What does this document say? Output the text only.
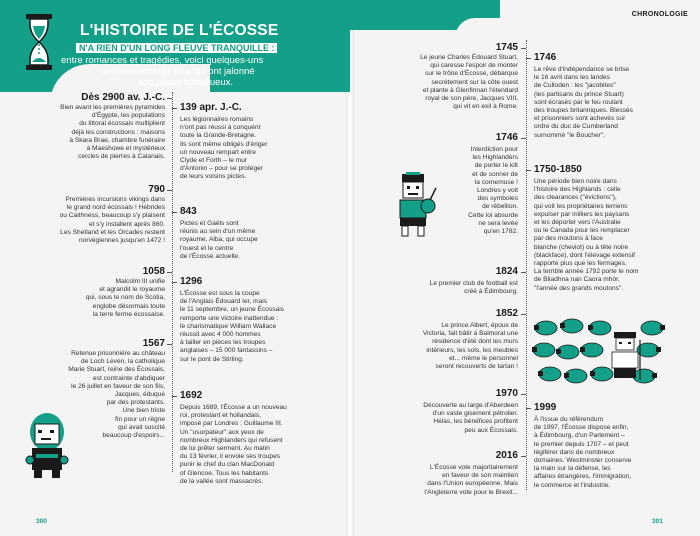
L'HISTOIRE DE L'ÉCOSSE
N'A RIEN D'UN LONG FLEUVE TRANQUILLE :
entre romances et tragédies, voici quelques-uns
des événements clés qui ont jalonné
son passé tumultueux.
CHRONOLOGIE
Dès 2900 av. J.-C.
Bien avant les premières pyramides
d'Égypte, les populations
du littoral écossais multiplient
déjà les constructions : maisons
à Skara Brae, chambre funéraire
à Maeshowe et mystérieux
cercles de pierres à Calanais.
790
Premières incursions vikings dans
le grand nord écossais ! Hébrides
ou Caithness, beaucoup s'y plaisent
et s'y installent après 860.
Les Shetland et les Orcades restent
norvégiennes jusqu'en 1472 !
1058
Malcolm III unifie
et agrandit le royaume
qui, sous le nom de Scotia,
englobe désormais toute
la terre ferme écossaise.
1567
Retenue prisonnière au château
de Loch Leven, la catholique
Marie Stuart, reine des Écossais,
est contrainte d'abdiquer
le 26 juillet en faveur de son fils,
Jacques, éduqué
par des protestants.
Une bien triste
fin pour un règne
qui avait suscité
beaucoup d'espoirs...
139 apr. J.-C.
Les légionnaires romains
n'ont pas réussi à conquérir
toute la Grande-Bretagne.
Ils sont même obligés d'ériger
un nouveau rempart entre
Clyde et Forth – le mur
d'Antonin – pour se protéger
de leurs voisins pictes.
843
Pictes et Gaëls sont
réunis au sein d'un même
royaume, Alba, qui occupe
l'ouest et le centre
de l'Écosse actuelle.
1296
L'Écosse est sous la coupe
de l'Anglais Édouard Ier, mais
le 11 septembre, un jeune Écossais
remporte une victoire inattendue :
le charismatique William Wallace
réussit avec 4 000 hommes
à tailler en pièces les troupes
anglaises – 15 000 fantassins –
sur le pont de Stirling.
1692
Depuis 1689, l'Écosse a un nouveau
roi, protestant et hollandais,
imposé par Londres : Guillaume III.
Un "usurpateur" aux yeux de
nombreux Highlanders qui refusent
de lui prêter serment. Au matin
du 13 février, il envoie ses troupes
punir le chef du clan MacDonald
of Glencoe. Tous les habitants
de la vallée sont massacrés.
1745
Le jeune Charles Édouard Stuart,
qui caresse l'espoir de monter
sur le trône d'Écosse, débarque
secrètement sur la côte ouest
et plante à Glenfinnan l'étendard
royal de son père, Jacques VIII,
qui vit en exil à Rome.
1746
Interdiction pour
les Highlanders
de porter le kilt
et de sonner de
la cornemuse !
Londres y voit
des symboles
de rébellion.
Cette loi absurde
ne sera levée
qu'en 1782.
1824
Le premier club de football est
créé à Édimbourg.
1852
Le prince Albert, époux de
Victoria, fait bâtir à Balmoral une
résidence d'été dont les murs
intérieurs, les sols, les meubles
et... même le personnel
seront recouverts de tartan !
1970
Découverte au large d'Aberdeen
d'un vaste gisement pétrolier.
Hélas, les bénéfices profitent
peu aux Écossais.
2016
L'Écosse vote majoritairement
en faveur de son maintien
dans l'Union européenne. Mais
l'Angleterre vote pour le Brexit...
1746
Le rêve d'indépendance se brise
le 16 avril dans les landes
de Culloden : les "jacobites"
(les partisans du prince Stuart)
sont écrasés par le feu roulant
des troupes britanniques. Blessés
et prisonniers sont achevés sur
ordre du duc de Cumberland
surnommé "le Boucher".
1750-1850
Une période bien noire dans
l'histoire des Highlands : celle
des clearances ("évictions"),
qui voit les propriétaires terriens
expulser par milliers les paysans
et les déporter vers l'Australie
ou le Canada pour les remplacer
par des moutons à face
blanche (cheviot) ou à tête noire
(blackface), dont l'élevage extensif
rapporte plus que les fermages.
La terrible année 1792 porte le nom
de Bliadhna nan Caora mhòr,
"l'année des grands moutons".
1999
À l'issue du référendum
de 1997, l'Écosse dispose enfin,
à Édimbourg, d'un Parlement –
le premier depuis 1707 – et peut
légiférer dans de nombreux
domaines. Westminster conserve
la main sur la défense, les
affaires étrangères, l'immigration,
le commerce et l'industrie.
300	301
